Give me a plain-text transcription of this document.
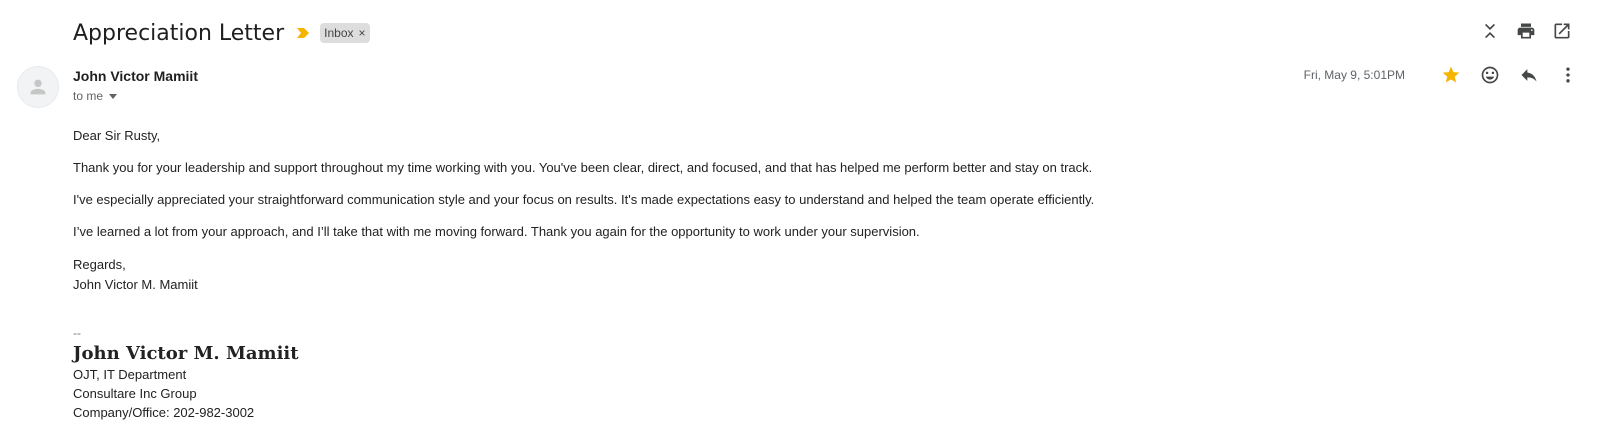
Appreciation Letter	Inbox ×
John Victor Mamiit
to me
Fri, May 9, 5:01PM

Dear Sir Rusty,

Thank you for your leadership and support throughout my time working with you. You've been clear, direct, and focused, and that has helped me perform better and stay on track.

I've especially appreciated your straightforward communication style and your focus on results. It's made expectations easy to understand and helped the team operate efficiently.

I’ve learned a lot from your approach, and I’ll take that with me moving forward. Thank you again for the opportunity to work under your supervision.

Regards,
John Victor M. Mamiit
--
John Victor M. Mamiit
OJT, IT Department
Consultare Inc Group
Company/Office: 202-982-3002
